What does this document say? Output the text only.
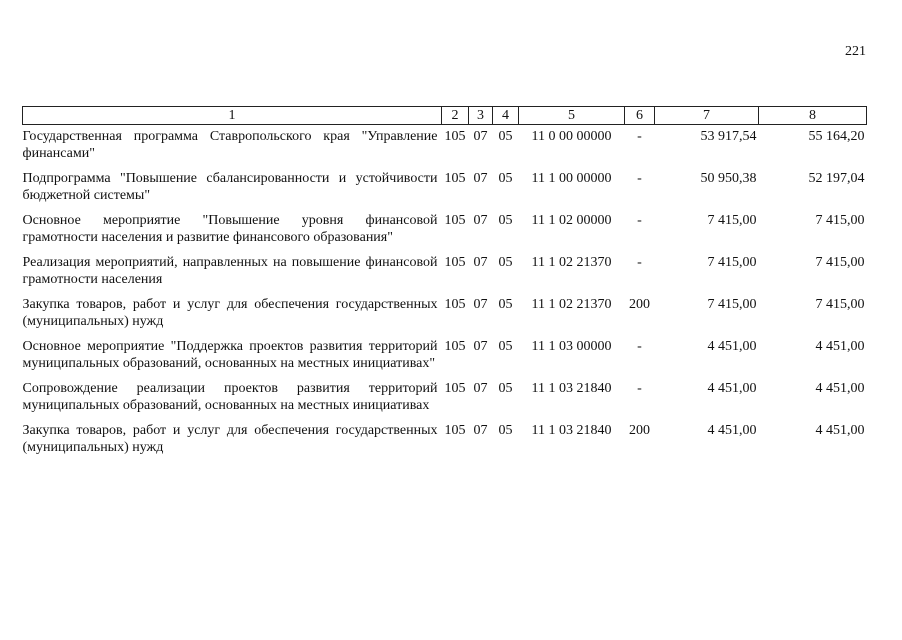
221
1	2	3	4	5	6	7	8
Государственная программа Ставропольского края "Управление финансами"	105	07	05	11 0 00 00000	-	53 917,54	55 164,20
Подпрограмма "Повышение сбалансированности и устойчивости бюджетной системы"	105	07	05	11 1 00 00000	-	50 950,38	52 197,04
Основное мероприятие "Повышение уровня финансовой грамотности населения и развитие финансового образования"	105	07	05	11 1 02 00000	-	7 415,00	7 415,00
Реализация мероприятий, направленных на повышение финансовой грамотности населения	105	07	05	11 1 02 21370	-	7 415,00	7 415,00
Закупка товаров, работ и услуг для обеспечения государственных (муниципальных) нужд	105	07	05	11 1 02 21370	200	7 415,00	7 415,00
Основное мероприятие "Поддержка проектов развития территорий муниципальных образований, основанных на местных инициативах"	105	07	05	11 1 03 00000	-	4 451,00	4 451,00
Сопровождение реализации проектов развития территорий муниципальных образований, основанных на местных инициативах	105	07	05	11 1 03 21840	-	4 451,00	4 451,00
Закупка товаров, работ и услуг для обеспечения государственных (муниципальных) нужд	105	07	05	11 1 03 21840	200	4 451,00	4 451,00
